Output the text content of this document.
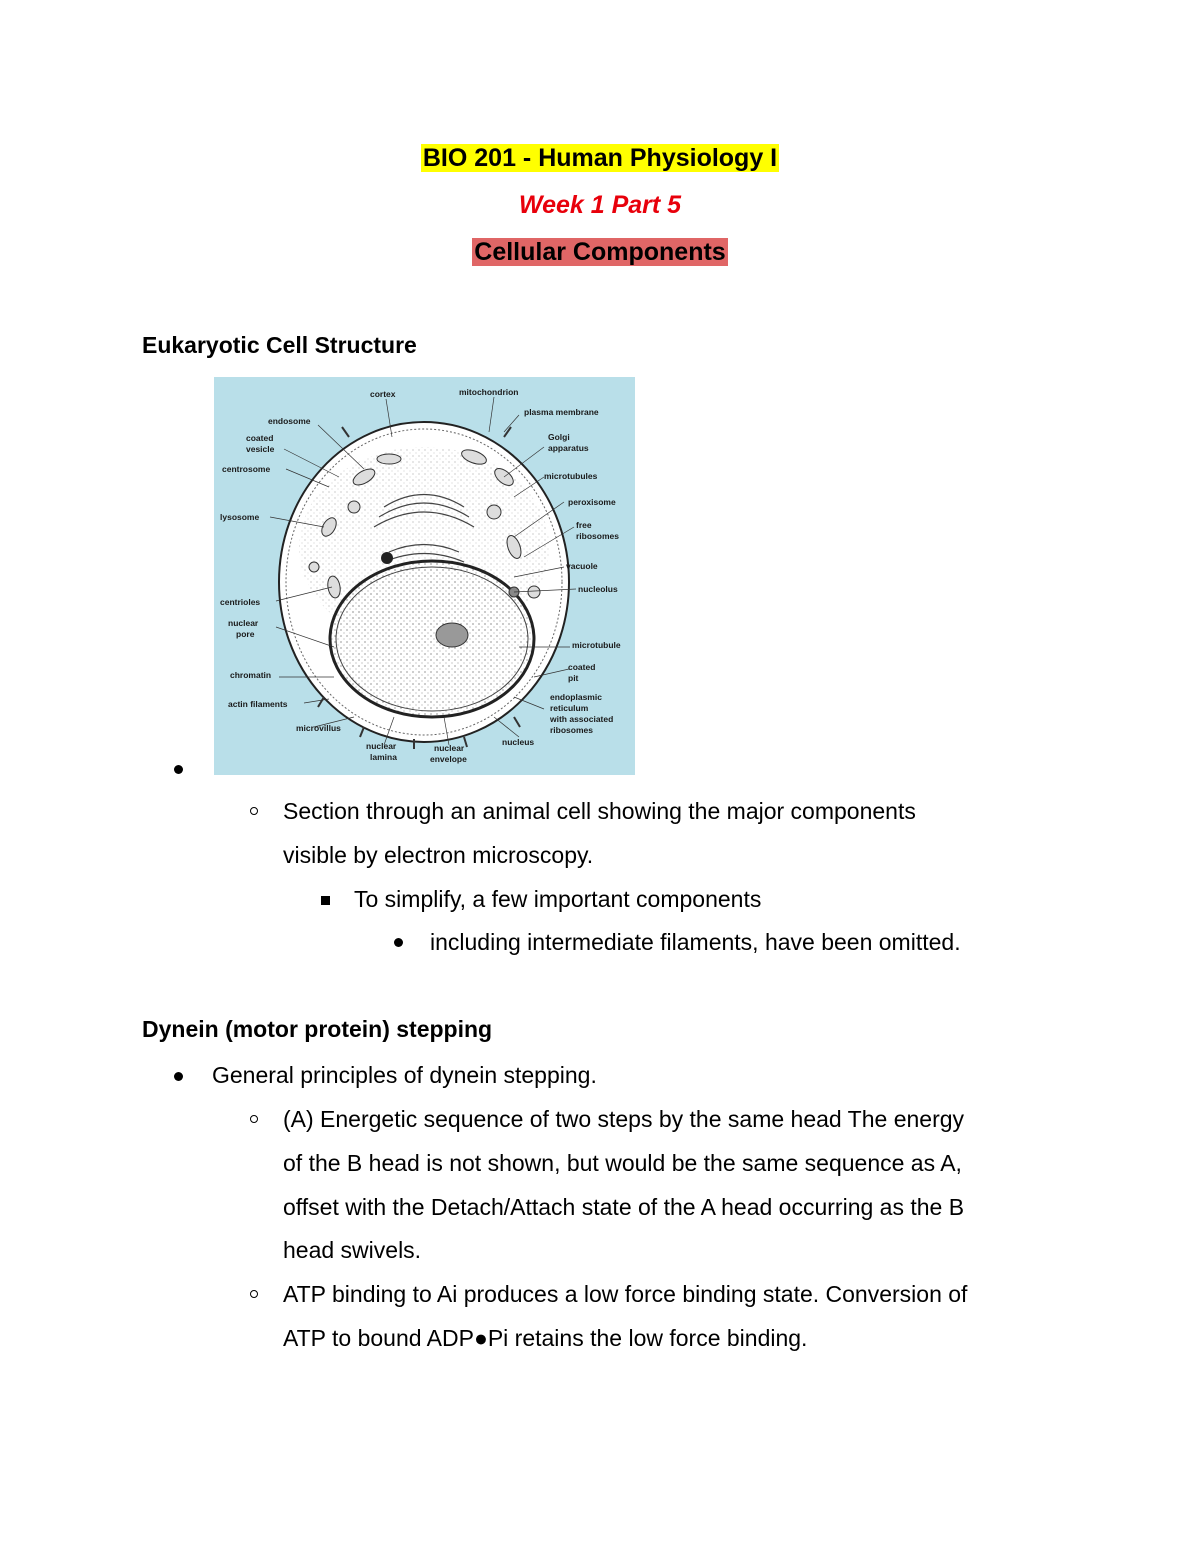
BIO 201 - Human Physiology I
Week 1 Part 5
Cellular Components
Eukaryotic Cell Structure
cortex	mitochondrion
plasma membrane
endosome
coated
vesicle
Golgi
apparatus
centrosome
microtubules
peroxisome
lysosome
free
ribosomes
vacuole
nucleolus
centrioles
nuclear
pore
microtubule
coated
pit
chromatin
endoplasmic
reticulum
with associated
ribosomes
actin filaments
microvillus
nucleus
nuclear
lamina
nuclear
envelope
Section through an animal cell showing the major components
visible by electron microscopy.
To simplify, a few important components
including intermediate filaments, have been omitted.
Dynein (motor protein) stepping
General principles of dynein stepping.
(A) Energetic sequence of two steps by the same head The energy
of the B head is not shown, but would be the same sequence as A,
offset with the Detach/Attach state of the A head occurring as the B
head swivels.
ATP binding to Ai produces a low force binding state. Conversion of
ATP to bound ADP●Pi retains the low force binding.
